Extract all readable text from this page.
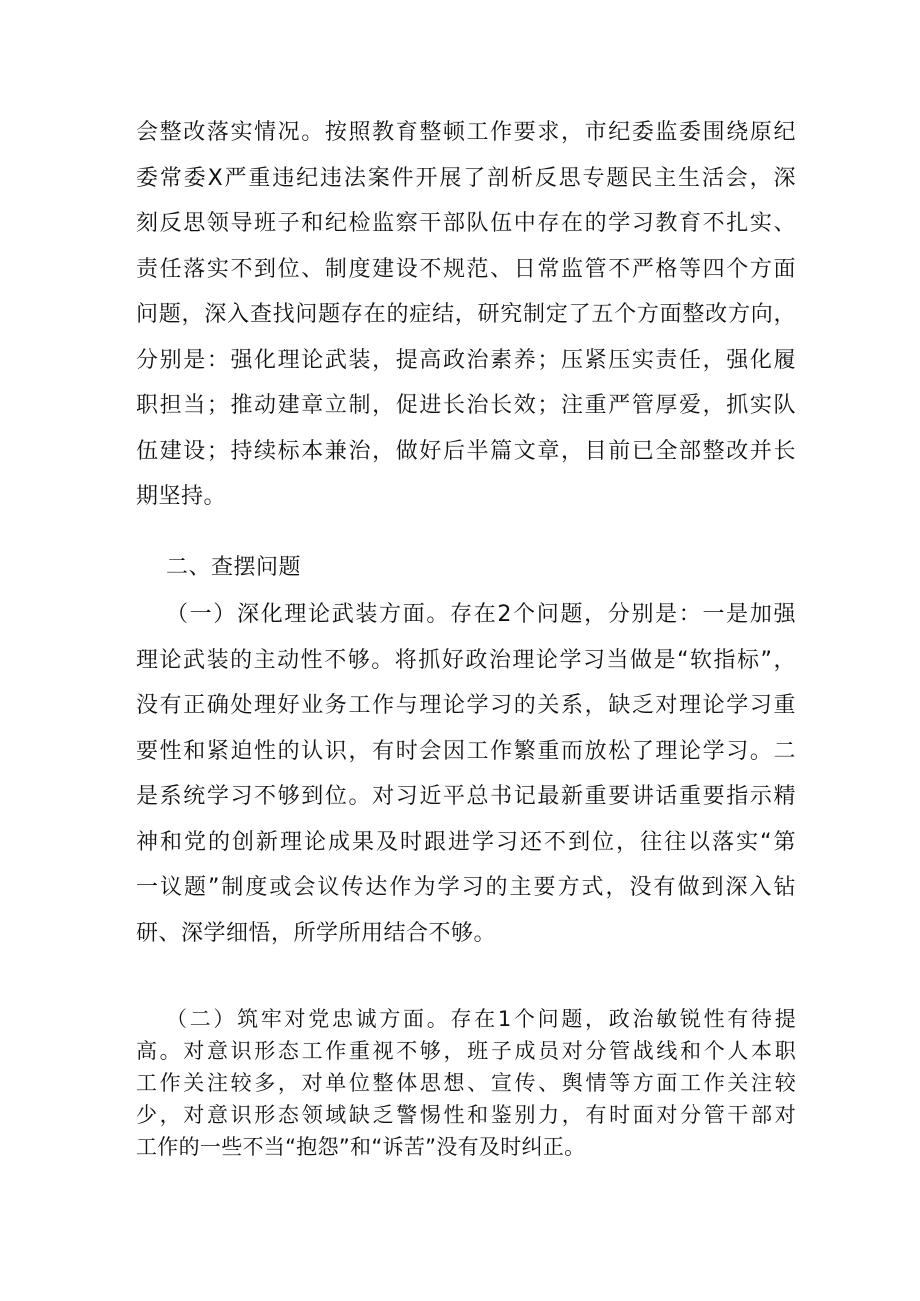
会整改落实情况。按照教育整顿工作要求，市纪委监委围绕原纪
委常委X严重违纪违法案件开展了剖析反思专题民主生活会，深
刻反思领导班子和纪检监察干部队伍中存在的学习教育不扎实、
责任落实不到位、制度建设不规范、日常监管不严格等四个方面
问题，深入查找问题存在的症结，研究制定了五个方面整改方向，
分别是：强化理论武装，提高政治素养；压紧压实责任，强化履
职担当；推动建章立制，促进长治长效；注重严管厚爱，抓实队
伍建设；持续标本兼治，做好后半篇文章，目前已全部整改并长
期坚持。
二、查摆问题
（一）深化理论武装方面。存在2个问题，分别是：一是加强
理论武装的主动性不够。将抓好政治理论学习当做是“软指标”，
没有正确处理好业务工作与理论学习的关系，缺乏对理论学习重
要性和紧迫性的认识，有时会因工作繁重而放松了理论学习。二
是系统学习不够到位。对习近平总书记最新重要讲话重要指示精
神和党的创新理论成果及时跟进学习还不到位，往往以落实“第
一议题”制度或会议传达作为学习的主要方式，没有做到深入钻
研、深学细悟，所学所用结合不够。
（二）筑牢对党忠诚方面。存在1个问题，政治敏锐性有待提
高。对意识形态工作重视不够，班子成员对分管战线和个人本职
工作关注较多，对单位整体思想、宣传、舆情等方面工作关注较
少，对意识形态领域缺乏警惕性和鉴别力，有时面对分管干部对
工作的一些不当“抱怨”和“诉苦”没有及时纠正。
